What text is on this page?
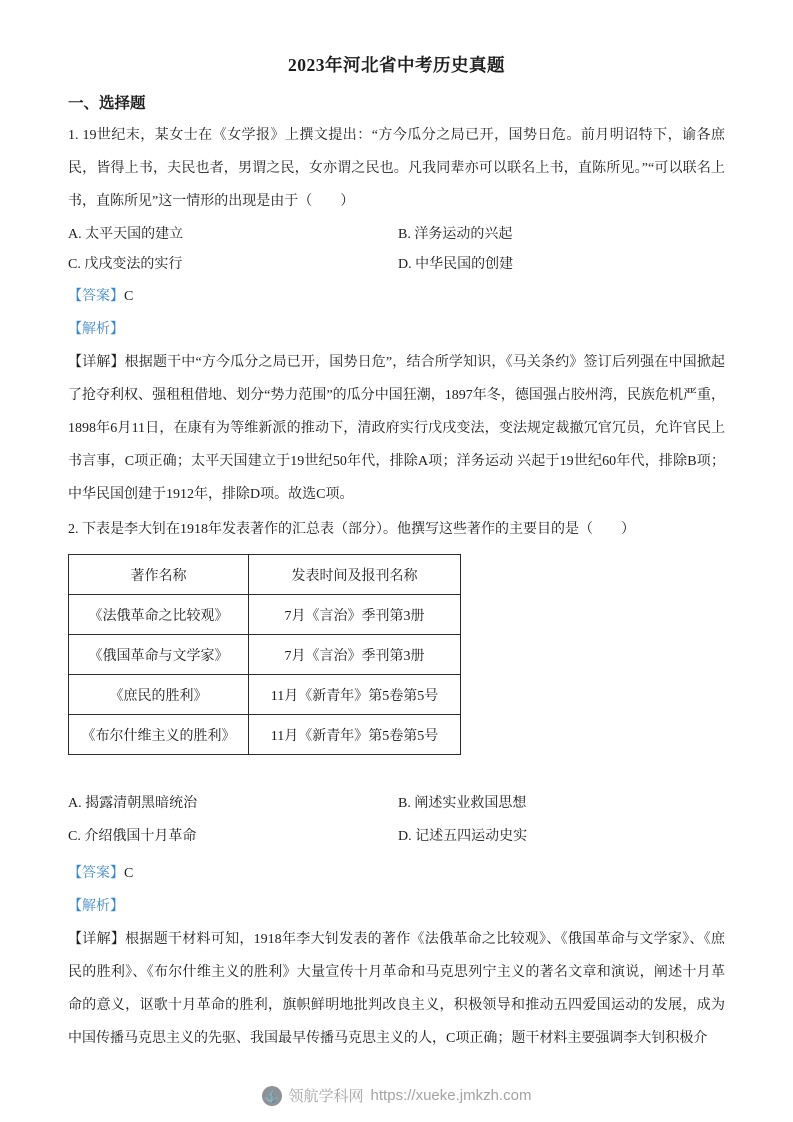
2023年河北省中考历史真题
一、选择题

1. 19世纪末，某女士在《女学报》上撰文提出：“方今瓜分之局已开，国势日危。前月明诏特下，谕各庶民，皆得上书，夫民也者，男谓之民，女亦谓之民也。凡我同辈亦可以联名上书，直陈所见。”“可以联名上书，直陈所见”这一情形的出现是由于（　　）

A. 太平天国的建立	B. 洋务运动的兴起
C. 戊戌变法的实行	D. 中华民国的创建

【答案】C

【解析】

【详解】根据题干中“方今瓜分之局已开，国势日危”，结合所学知识，《马关条约》签订后列强在中国掀起了抢夺利权、强租租借地、划分“势力范围”的瓜分中国狂潮，1897年冬，德国强占胶州湾，民族危机严重，1898年6月11日，在康有为等维新派的推动下，清政府实行戊戌变法，变法规定裁撤冗官冗员，允许官民上书言事，C项正确；太平天国建立于19世纪50年代，排除A项；洋务运动 兴起于19世纪60年代，排除B项；中华民国创建于1912年，排除D项。故选C项。

2. 下表是李大钊在1918年发表著作的汇总表（部分）。他撰写这些著作的主要目的是（　　）

著作名称	发表时间及报刊名称
《法俄革命之比较观》	7月《言治》季刊第3册
《俄国革命与文学家》	7月《言治》季刊第3册
《庶民的胜利》	11月《新青年》第5卷第5号
《布尔什维主义的胜利》	11月《新青年》第5卷第5号
A. 揭露清朝黑暗统治	B. 阐述实业救国思想
C. 介绍俄国十月革命	D. 记述五四运动史实

【答案】C

【解析】

【详解】根据题干材料可知，1918年李大钊发表的著作《法俄革命之比较观》、《俄国革命与文学家》、《庶民的胜利》、《布尔什维主义的胜利》大量宣传十月革命和马克思列宁主义的著名文章和演说，阐述十月革命的意义，讴歌十月革命的胜利，旗帜鲜明地批判改良主义，积极领导和推动五四爱国运动的发展，成为中国传播马克思主义的先驱、我国最早传播马克思主义的人，C项正确；题干材料主要强调李大钊积极介

⚓ 领航学科网 https://xueke.jmkzh.com
